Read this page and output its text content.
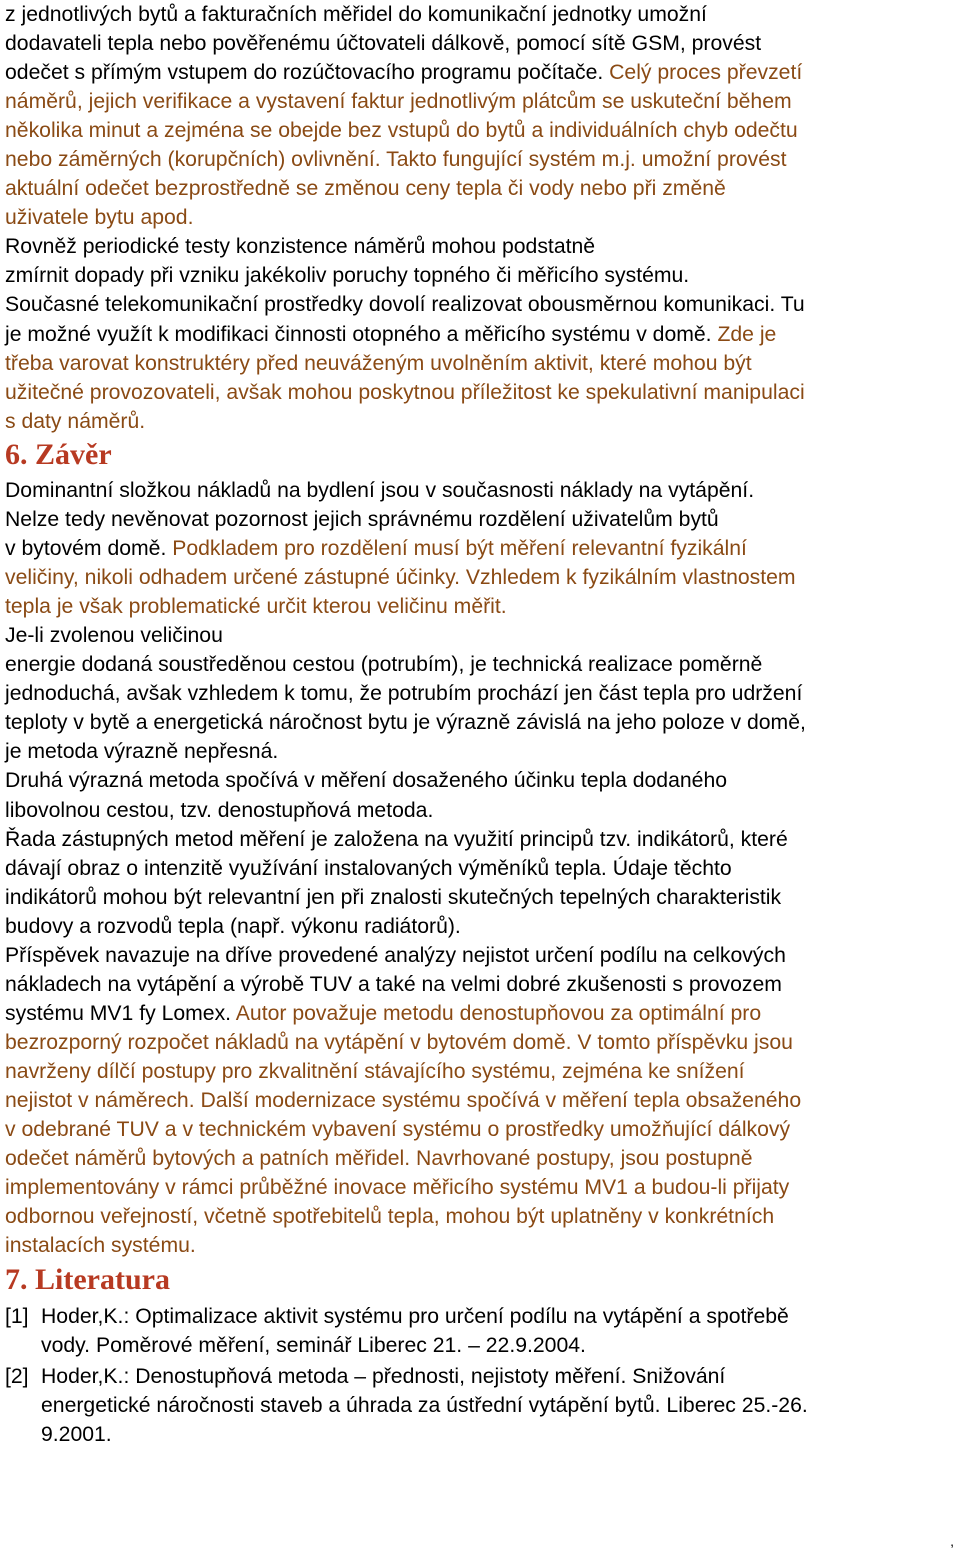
z jednotlivých bytů a fakturačních měřidel do komunikační jednotky umožní
dodavateli tepla nebo pověřenému účtovateli dálkově, pomocí sítě GSM, provést
odečet s přímým vstupem do rozúčtovacího programu počítače. Celý proces převzetí
náměrů, jejich verifikace a vystavení faktur jednotlivým plátcům se uskuteční během
několika minut a zejména se obejde bez vstupů do bytů a individuálních chyb odečtu
nebo záměrných (korupčních) ovlivnění. Takto fungující systém m.j. umožní provést
aktuální odečet bezprostředně se změnou ceny tepla či vody nebo při změně
uživatele bytu apod.
Rovněž periodické testy konzistence náměrů mohou podstatně
zmírnit dopady při vzniku jakékoliv poruchy topného či měřicího systému.
Současné telekomunikační prostředky dovolí realizovat obousměrnou komunikaci. Tu
je možné využít k modifikaci činnosti otopného a měřicího systému v domě. Zde je
třeba varovat konstruktéry před neuváženým uvolněním aktivit, které mohou být
užitečné provozovateli, avšak mohou poskytnou příležitost ke spekulativní manipulaci
s daty náměrů.
6. Závěr
Dominantní složkou nákladů na bydlení jsou v současnosti náklady na vytápění.
Nelze tedy nevěnovat pozornost jejich správnému rozdělení uživatelům bytů
v bytovém domě. Podkladem pro rozdělení musí být měření relevantní fyzikální
veličiny, nikoli odhadem určené zástupné účinky. Vzhledem k fyzikálním vlastnostem
tepla je však problematické určit kterou veličinu měřit.
Je-li zvolenou veličinou
energie dodaná soustředěnou cestou (potrubím), je technická realizace poměrně
jednoduchá, avšak vzhledem k tomu, že potrubím prochází jen část tepla pro udržení
teploty v bytě a energetická náročnost bytu je výrazně závislá na jeho poloze v domě,
je metoda výrazně nepřesná.
Druhá výrazná metoda spočívá v měření dosaženého účinku tepla dodaného
libovolnou cestou, tzv. denostupňová metoda.
Řada zástupných metod měření je založena na využití principů tzv. indikátorů, které
dávají obraz o intenzitě využívání instalovaných výměníků tepla. Údaje těchto
indikátorů mohou být relevantní jen při znalosti skutečných tepelných charakteristik
budovy a rozvodů tepla (např. výkonu radiátorů).
Příspěvek navazuje na dříve provedené analýzy nejistot určení podílu na celkových
nákladech na vytápění a výrobě TUV a také na velmi dobré zkušenosti s provozem
systému MV1 fy Lomex. Autor považuje metodu denostupňovou za optimální pro
bezrozporný rozpočet nákladů na vytápění v bytovém domě. V tomto příspěvku jsou
navrženy dílčí postupy pro zkvalitnění stávajícího systému, zejména ke snížení
nejistot v náměrech. Další modernizace systému spočívá v měření tepla obsaženého
v odebrané TUV a v technickém vybavení systému o prostředky umožňující dálkový
odečet náměrů bytových a patních měřidel. Navrhované postupy, jsou postupně
implementovány v rámci průběžné inovace měřicího systému MV1 a budou-li přijaty
odbornou veřejností, včetně spotřebitelů tepla, mohou být uplatněny v konkrétních
instalacích systému.
7. Literatura
[1] Hoder,K.: Optimalizace aktivit systému pro určení podílu na vytápění a spotřebě
vody. Poměrové měření, seminář Liberec 21. – 22.9.2004.
[2] Hoder,K.: Denostupňová metoda – přednosti, nejistoty měření. Snižování
energetické náročnosti staveb a úhrada za ústřední vytápění bytů. Liberec 25.-26.
9.2001.
,
